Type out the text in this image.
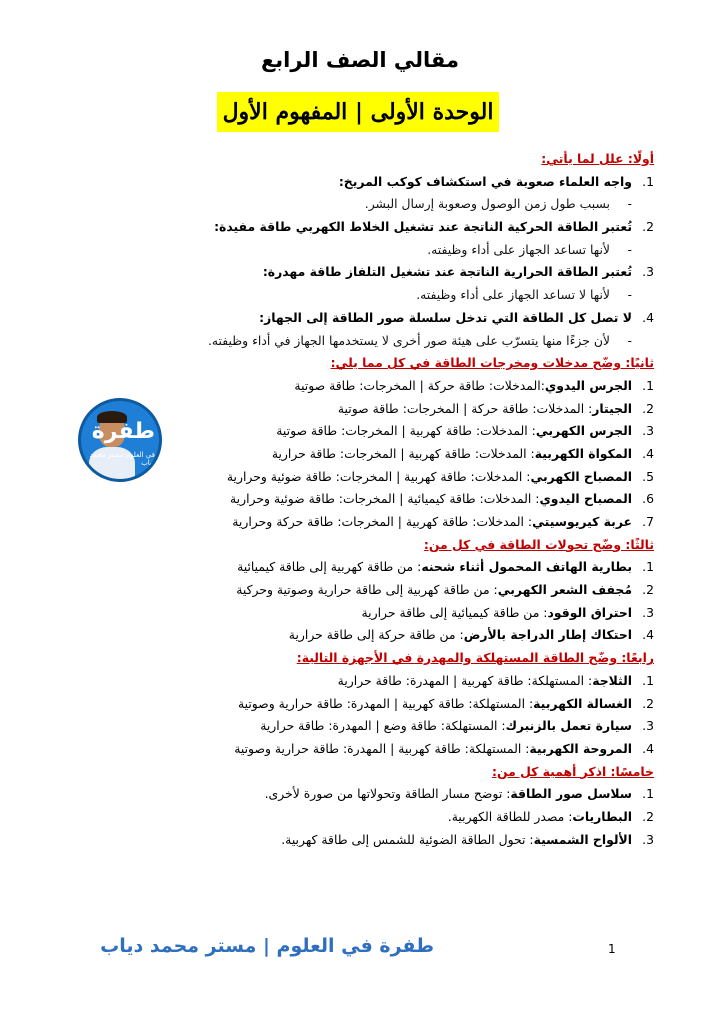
مقالي الصف الرابع
الوحدة الأولى | المفهوم الأول
أولًا: علل لما يأتي:
1.واجه العلماء صعوبة في استكشاف كوكب المريخ:
-بسبب طول زمن الوصول وصعوبة إرسال البشر.
2.تُعتبر الطاقة الحركية الناتجة عند تشغيل الخلاط الكهربي طاقة مفيدة:
-لأنها تساعد الجهاز على أداء وظيفته.
3.تُعتبر الطاقة الحرارية الناتجة عند تشغيل التلفاز طاقة مهدرة:
-لأنها لا تساعد الجهاز على أداء وظيفته.
4.لا تصل كل الطاقة التي تدخل سلسلة صور الطاقة إلى الجهاز:
-لأن جزءًا منها يتسرّب على هيئة صور أخرى لا يستخدمها الجهاز في أداء وظيفته.
ثانيًا: وضّح مدخلات ومخرجات الطاقة في كل مما يلي:
1.الجرس اليدوي:المدخلات: طاقة حركة | المخرجات: طاقة صوتية
2.الجيتار: المدخلات: طاقة حركة | المخرجات: طاقة صوتية
3.الجرس الكهربي: المدخلات: طاقة كهربية | المخرجات: طاقة صوتية
4.المكواة الكهربية: المدخلات: طاقة كهربية | المخرجات: طاقة حرارية
5.المصباح الكهربي: المدخلات: طاقة كهربية | المخرجات: طاقة ضوئية وحرارية
6.المصباح اليدوي: المدخلات: طاقة كيميائية | المخرجات: طاقة ضوئية وحرارية
7.عربة كيريوسيتي: المدخلات: طاقة كهربية | المخرجات: طاقة حركة وحرارية
ثالثًا: وضّح تحولات الطاقة في كل من:
1.بطارية الهاتف المحمول أثناء شحنه: من طاقة كهربية إلى طاقة كيميائية
2.مُجفف الشعر الكهربي: من طاقة كهربية إلى طاقة حرارية وصوتية وحركية
3.احتراق الوقود: من طاقة كيميائية إلى طاقة حرارية
4.احتكاك إطار الدراجة بالأرض: من طاقة حركة إلى طاقة حرارية
رابعًا: وضّح الطاقة المستهلكة والمهدرة في الأجهزة التالية:
1.الثلاجة: المستهلكة: طاقة كهربية | المهدرة: طاقة حرارية
2.الغسالة الكهربية: المستهلكة: طاقة كهربية | المهدرة: طاقة حرارية وصوتية
3.سيارة تعمل بالزنبرك: المستهلكة: طاقة وضع | المهدرة: طاقة حرارية
4.المروحة الكهربية: المستهلكة: طاقة كهربية | المهدرة: طاقة حرارية وصوتية
خامسًا: اذكر أهمية كل من:
1.سلاسل صور الطاقة: توضح مسار الطاقة وتحولاتها من صورة لأخرى.
2.البطاريات: مصدر للطاقة الكهربية.
3.الألواح الشمسية: تحول الطاقة الضوئية للشمس إلى طاقة كهربية.
طفرة
في العلوم مستر محمد دياب
طفرة في العلوم | مستر محمد دياب	1
